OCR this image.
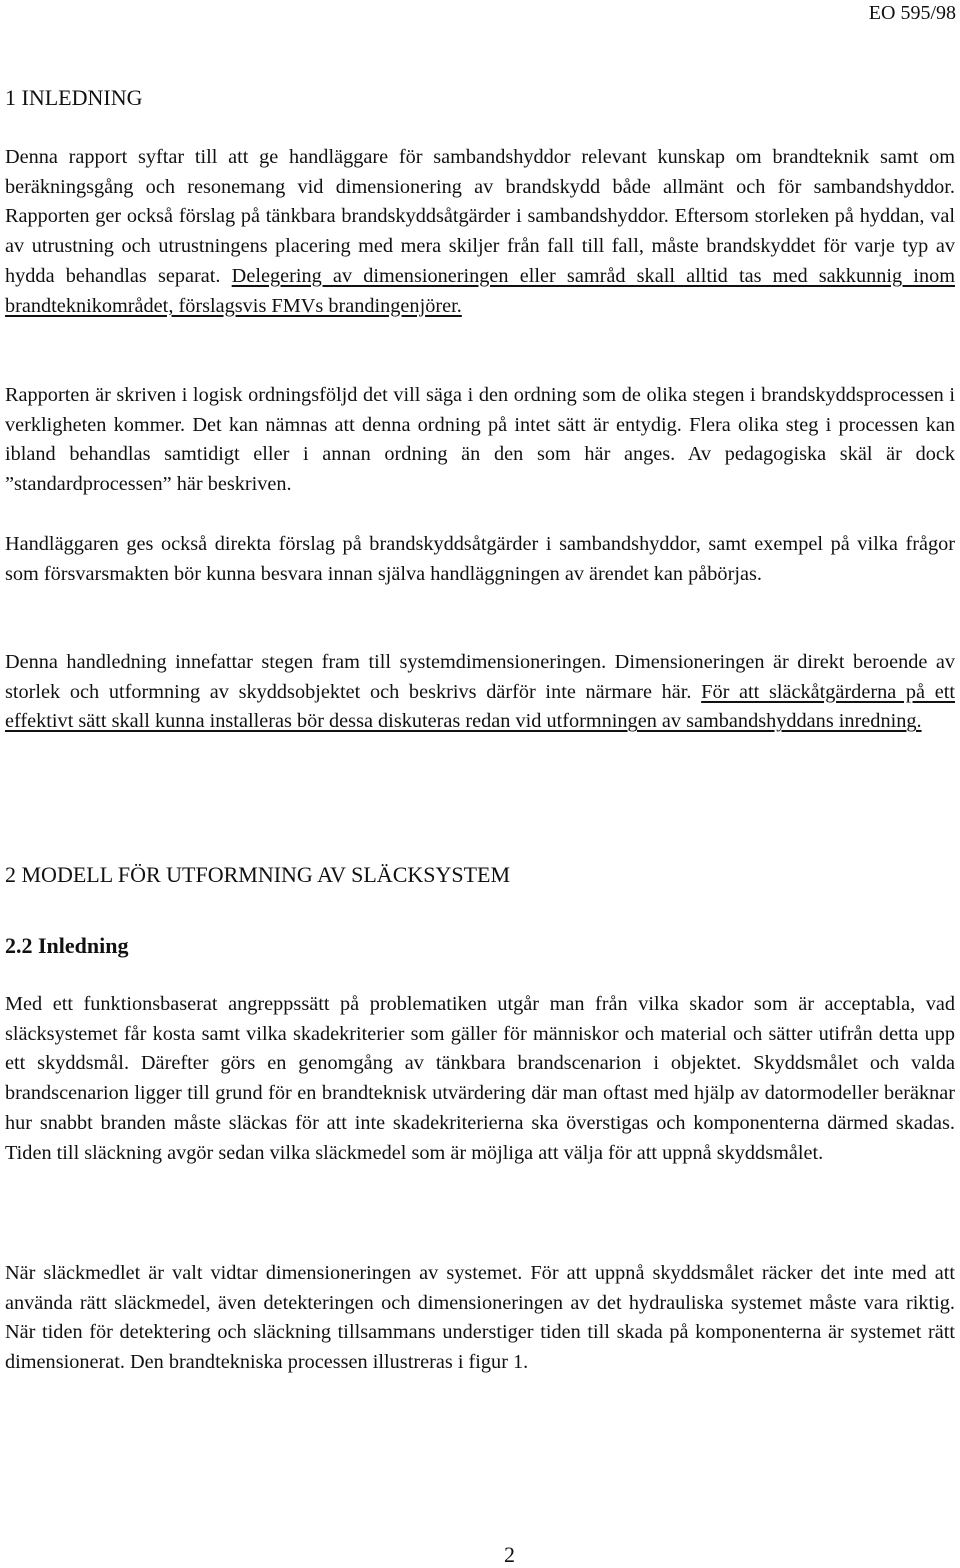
EO 595/98
1 INLEDNING

Denna rapport syftar till att ge handläggare för sambandshyddor relevant kunskap om brandteknik samt om beräkningsgång och resonemang vid dimensionering av brandskydd både allmänt och för sambandshyddor. Rapporten ger också förslag på tänkbara brandskyddsåtgärder i sambandshyddor. Eftersom storleken på hyddan, val av utrustning och utrustningens placering med mera skiljer från fall till fall, måste brandskyddet för varje typ av hydda behandlas separat. Delegering av dimensioneringen eller samråd skall alltid tas med sakkunnig inom brandteknikområdet, förslagsvis FMVs brandingenjörer.

Rapporten är skriven i logisk ordningsföljd det vill säga i den ordning som de olika stegen i brandskyddsprocessen i verkligheten kommer. Det kan nämnas att denna ordning på intet sätt är entydig. Flera olika steg i processen kan ibland behandlas samtidigt eller i annan ordning än den som här anges. Av pedagogiska skäl är dock ”standardprocessen” här beskriven.

Handläggaren ges också direkta förslag på brandskyddsåtgärder i sambandshyddor, samt exempel på vilka frågor som försvarsmakten bör kunna besvara innan själva handläggningen av ärendet kan påbörjas.

Denna handledning innefattar stegen fram till systemdimensioneringen. Dimensioneringen är direkt beroende av storlek och utformning av skyddsobjektet och beskrivs därför inte närmare här. För att släckåtgärderna på ett effektivt sätt skall kunna installeras bör dessa diskuteras redan vid utformningen av sambandshyddans inredning.

2 MODELL FÖR UTFORMNING AV SLÄCKSYSTEM
2.2 Inledning

Med ett funktionsbaserat angreppssätt på problematiken utgår man från vilka skador som är acceptabla, vad släcksystemet får kosta samt vilka skadekriterier som gäller för människor och material och sätter utifrån detta upp ett skyddsmål. Därefter görs en genomgång av tänkbara brandscenarion i objektet. Skyddsmålet och valda brandscenarion ligger till grund för en brandteknisk utvärdering där man oftast med hjälp av datormodeller beräknar hur snabbt branden måste släckas för att inte skadekriterierna ska överstigas och komponenterna därmed skadas. Tiden till släckning avgör sedan vilka släckmedel som är möjliga att välja för att uppnå skyddsmålet.

När släckmedlet är valt vidtar dimensioneringen av systemet. För att uppnå skyddsmålet räcker det inte med att använda rätt släckmedel, även detekteringen och dimensioneringen av det hydrauliska systemet måste vara riktig. När tiden för detektering och släckning tillsammans understiger tiden till skada på komponenterna är systemet rätt dimensionerat. Den brandtekniska processen illustreras i figur 1.

2
